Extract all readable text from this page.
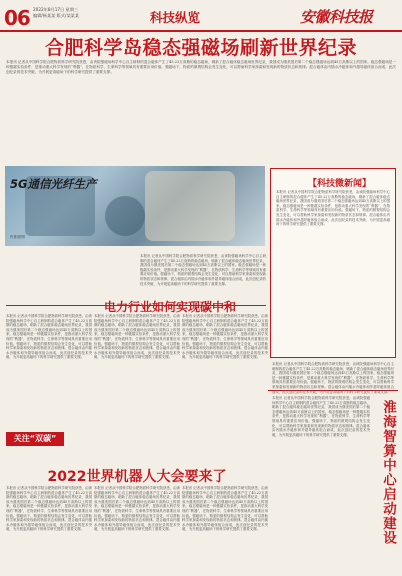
06 2022年8月17日 星期三
编辑/杨某某 版式/某某某	科技纵览	安徽科技报
合肥科学岛稳态强磁场刷新世界纪录
本报讯 记者从中国科学院合肥物质科学研究院获悉，由该院强磁场科学中心自主研制的混合磁体产生了45.22万高斯的稳态磁场，刷新了混合磁体稳态磁场世界纪录，我国成为继美国后第二个稳态强磁场达到45万高斯以上的国家。稳态强磁场是一种极端实验条件，是推动重大科学发现的“利器”，在物质科学、生命科学等领域具有重要应用价值。强磁场下，物质的微观结构会发生变化，可以帮助科学家探索和发现新的物质状态和规律。混合磁体由内插水冷磁体和外超导磁体组合而成，此次创纪录的技术突破，为开展更高磁场下的科学研究提供了重要支撑。
5G通信光纤生产
作者/供图
【科技微新闻】
本报讯 记者从中国科学院合肥物质科学研究院获悉，由该院强磁场科学中心自主研制的混合磁体产生了45.22万高斯的稳态磁场，刷新了混合磁体稳态磁场世界纪录，我国成为继美国后第二个稳态强磁场达到45万高斯以上的国家。稳态强磁场是一种极端实验条件，是推动重大科学发现的“利器”，在物质科学、生命科学等领域具有重要应用价值。强磁场下，物质的微观结构会发生变化，可以帮助科学家探索和发现新的物质状态和规律。混合磁体由内插水冷磁体和外超导磁体组合而成，此次创纪录的技术突破，为开展更高磁场下的科学研究提供了重要支撑。
本报讯 记者从中国科学院合肥物质科学研究院获悉，由该院强磁场科学中心自主研制的混合磁体产生了45.22万高斯的稳态磁场，刷新了混合磁体稳态磁场世界纪录，我国成为继美国后第二个稳态强磁场达到45万高斯以上的国家。稳态强磁场是一种极端实验条件，是推动重大科学发现的“利器”，在物质科学、生命科学等领域具有重要应用价值。强磁场下，物质的微观结构会发生变化，可以帮助科学家探索和发现新的物质状态和规律。混合磁体由内插水冷磁体和外超导磁体组合而成，此次创纪录的技术突破，为开展更高磁场下的科学研究提供了重要支撑。
电力行业如何实现碳中和
本报讯 记者从中国科学院合肥物质科学研究院获悉，由该院强磁场科学中心自主研制的混合磁体产生了45.22万高斯的稳态磁场，刷新了混合磁体稳态磁场世界纪录，我国成为继美国后第二个稳态强磁场达到45万高斯以上的国家。稳态强磁场是一种极端实验条件，是推动重大科学发现的“利器”，在物质科学、生命科学等领域具有重要应用价值。强磁场下，物质的微观结构会发生变化，可以帮助科学家探索和发现新的物质状态和规律。混合磁体由内插水冷磁体和外超导磁体组合而成，此次创纪录的技术突破，为开展更高磁场下的科学研究提供了重要支撑。
本报讯 记者从中国科学院合肥物质科学研究院获悉，由该院强磁场科学中心自主研制的混合磁体产生了45.22万高斯的稳态磁场，刷新了混合磁体稳态磁场世界纪录，我国成为继美国后第二个稳态强磁场达到45万高斯以上的国家。稳态强磁场是一种极端实验条件，是推动重大科学发现的“利器”，在物质科学、生命科学等领域具有重要应用价值。强磁场下，物质的微观结构会发生变化，可以帮助科学家探索和发现新的物质状态和规律。混合磁体由内插水冷磁体和外超导磁体组合而成，此次创纪录的技术突破，为开展更高磁场下的科学研究提供了重要支撑。
本报讯 记者从中国科学院合肥物质科学研究院获悉，由该院强磁场科学中心自主研制的混合磁体产生了45.22万高斯的稳态磁场，刷新了混合磁体稳态磁场世界纪录，我国成为继美国后第二个稳态强磁场达到45万高斯以上的国家。稳态强磁场是一种极端实验条件，是推动重大科学发现的“利器”，在物质科学、生命科学等领域具有重要应用价值。强磁场下，物质的微观结构会发生变化，可以帮助科学家探索和发现新的物质状态和规律。混合磁体由内插水冷磁体和外超导磁体组合而成，此次创纪录的技术突破，为开展更高磁场下的科学研究提供了重要支撑。
关注“双碳”
2022世界机器人大会要来了
本报讯 记者从中国科学院合肥物质科学研究院获悉，由该院强磁场科学中心自主研制的混合磁体产生了45.22万高斯的稳态磁场，刷新了混合磁体稳态磁场世界纪录，我国成为继美国后第二个稳态强磁场达到45万高斯以上的国家。稳态强磁场是一种极端实验条件，是推动重大科学发现的“利器”，在物质科学、生命科学等领域具有重要应用价值。强磁场下，物质的微观结构会发生变化，可以帮助科学家探索和发现新的物质状态和规律。混合磁体由内插水冷磁体和外超导磁体组合而成，此次创纪录的技术突破，为开展更高磁场下的科学研究提供了重要支撑。
本报讯 记者从中国科学院合肥物质科学研究院获悉，由该院强磁场科学中心自主研制的混合磁体产生了45.22万高斯的稳态磁场，刷新了混合磁体稳态磁场世界纪录，我国成为继美国后第二个稳态强磁场达到45万高斯以上的国家。稳态强磁场是一种极端实验条件，是推动重大科学发现的“利器”，在物质科学、生命科学等领域具有重要应用价值。强磁场下，物质的微观结构会发生变化，可以帮助科学家探索和发现新的物质状态和规律。混合磁体由内插水冷磁体和外超导磁体组合而成，此次创纪录的技术突破，为开展更高磁场下的科学研究提供了重要支撑。
本报讯 记者从中国科学院合肥物质科学研究院获悉，由该院强磁场科学中心自主研制的混合磁体产生了45.22万高斯的稳态磁场，刷新了混合磁体稳态磁场世界纪录，我国成为继美国后第二个稳态强磁场达到45万高斯以上的国家。稳态强磁场是一种极端实验条件，是推动重大科学发现的“利器”，在物质科学、生命科学等领域具有重要应用价值。强磁场下，物质的微观结构会发生变化，可以帮助科学家探索和发现新的物质状态和规律。混合磁体由内插水冷磁体和外超导磁体组合而成，此次创纪录的技术突破，为开展更高磁场下的科学研究提供了重要支撑。
本报讯 记者从中国科学院合肥物质科学研究院获悉，由该院强磁场科学中心自主研制的混合磁体产生了45.22万高斯的稳态磁场，刷新了混合磁体稳态磁场世界纪录，我国成为继美国后第二个稳态强磁场达到45万高斯以上的国家。稳态强磁场是一种极端实验条件，是推动重大科学发现的“利器”，在物质科学、生命科学等领域具有重要应用价值。强磁场下，物质的微观结构会发生变化，可以帮助科学家探索和发现新的物质状态和规律。混合磁体由内插水冷磁体和外超导磁体组合而成，此次创纪录的技术突破，为开展更高磁场下的科学研究提供了重要支撑。
本报讯 记者从中国科学院合肥物质科学研究院获悉，由该院强磁场科学中心自主研制的混合磁体产生了45.22万高斯的稳态磁场，刷新了混合磁体稳态磁场世界纪录，我国成为继美国后第二个稳态强磁场达到45万高斯以上的国家。稳态强磁场是一种极端实验条件，是推动重大科学发现的“利器”，在物质科学、生命科学等领域具有重要应用价值。强磁场下，物质的微观结构会发生变化，可以帮助科学家探索和发现新的物质状态和规律。混合磁体由内插水冷磁体和外超导磁体组合而成，此次创纪录的技术突破，为开展更高磁场下的科学研究提供了重要支撑。	淮海智算中心启动建设
